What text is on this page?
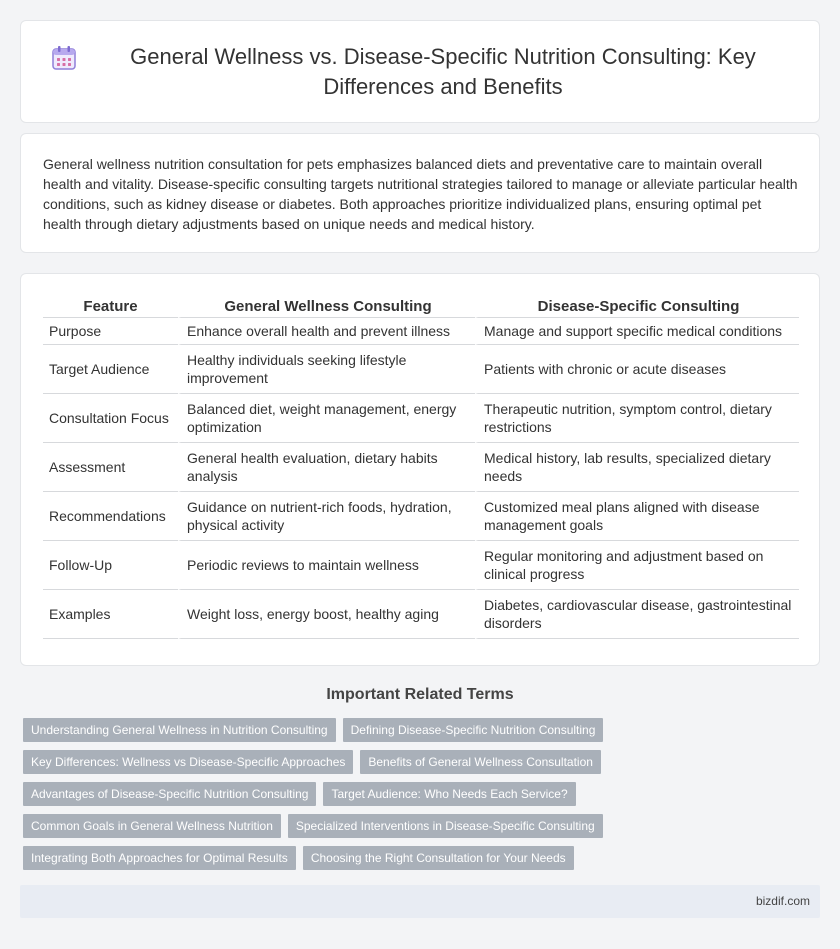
General Wellness vs. Disease-Specific Nutrition Consulting: Key Differences and Benefits

General wellness nutrition consultation for pets emphasizes balanced diets and preventative care to maintain overall health and vitality. Disease-specific consulting targets nutritional strategies tailored to manage or alleviate particular health conditions, such as kidney disease or diabetes. Both approaches prioritize individualized plans, ensuring optimal pet health through dietary adjustments based on unique needs and medical history.

Feature	General Wellness Consulting	Disease-Specific Consulting
Purpose	Enhance overall health and prevent illness	Manage and support specific medical conditions
Target Audience	Healthy individuals seeking lifestyle improvement	Patients with chronic or acute diseases
Consultation Focus	Balanced diet, weight management, energy optimization	Therapeutic nutrition, symptom control, dietary restrictions
Assessment	General health evaluation, dietary habits analysis	Medical history, lab results, specialized dietary needs
Recommendations	Guidance on nutrient-rich foods, hydration, physical activity	Customized meal plans aligned with disease management goals
Follow-Up	Periodic reviews to maintain wellness	Regular monitoring and adjustment based on clinical progress
Examples	Weight loss, energy boost, healthy aging	Diabetes, cardiovascular disease, gastrointestinal disorders
Important Related Terms
Understanding General Wellness in Nutrition Consulting	Defining Disease-Specific Nutrition Consulting
Key Differences: Wellness vs Disease-Specific Approaches	Benefits of General Wellness Consultation
Advantages of Disease-Specific Nutrition Consulting	Target Audience: Who Needs Each Service?
Common Goals in General Wellness Nutrition	Specialized Interventions in Disease-Specific Consulting
Integrating Both Approaches for Optimal Results	Choosing the Right Consultation for Your Needs
bizdif.com
